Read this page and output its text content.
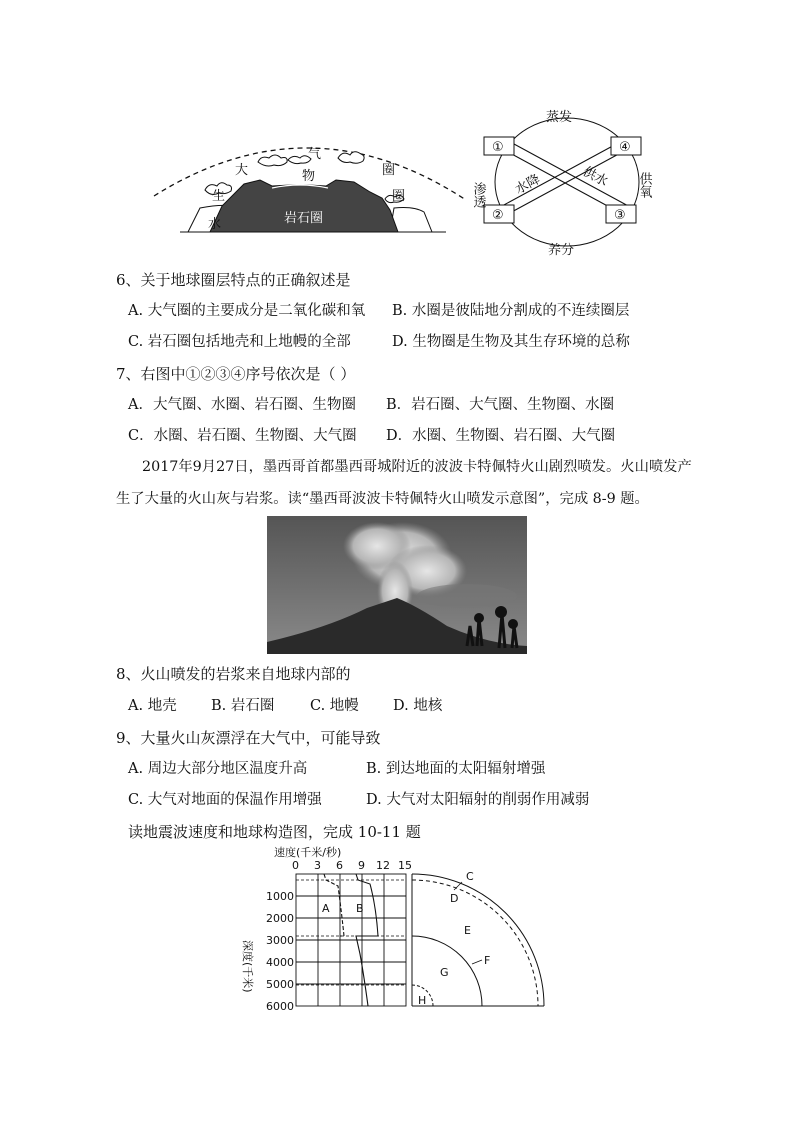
大
气
圈
物
生	圈
水	岩石圈
①	④
②	③
蒸发
渗透 水降	供水 供氧
养分
6、关于地球圈层特点的正确叙述是
A. 大气圈的主要成分是二氧化碳和氧 B. 水圈是彼陆地分割成的不连续圈层
C. 岩石圈包括地壳和上地幔的全部	D. 生物圈是生物及其生存环境的总称
7、右图中①②③④序号依次是（ ）
A．大气圈、水圈、岩石圈、生物圈 B．岩石圈、大气圈、生物圈、水圈
C．水圈、岩石圈、生物圈、大气圈 D．水圈、生物圈、岩石圈、大气圈
2017年9月27日，墨西哥首都墨西哥城附近的波波卡特佩特火山剧烈喷发。火山喷发产
生了大量的火山灰与岩浆。读“墨西哥波波卡特佩特火山喷发示意图”，完成 8-9 题。
8、火山喷发的岩浆来自地球内部的
A. 地壳 B. 岩石圈 C. 地幔 D. 地核
9、大量火山灰漂浮在大气中，可能导致
A. 周边大部分地区温度升高	B. 到达地面的太阳辐射增强
C. 大气对地面的保温作用增强	D. 大气对太阳辐射的削弱作用减弱
读地震波速度和地球构造图，完成 10-11 题
速度(千米/秒)
0 3 6 9 12 15
A B
深度(千米)
1000
2000
3000
4000
5000
6000
C
D
E
F
G
H
